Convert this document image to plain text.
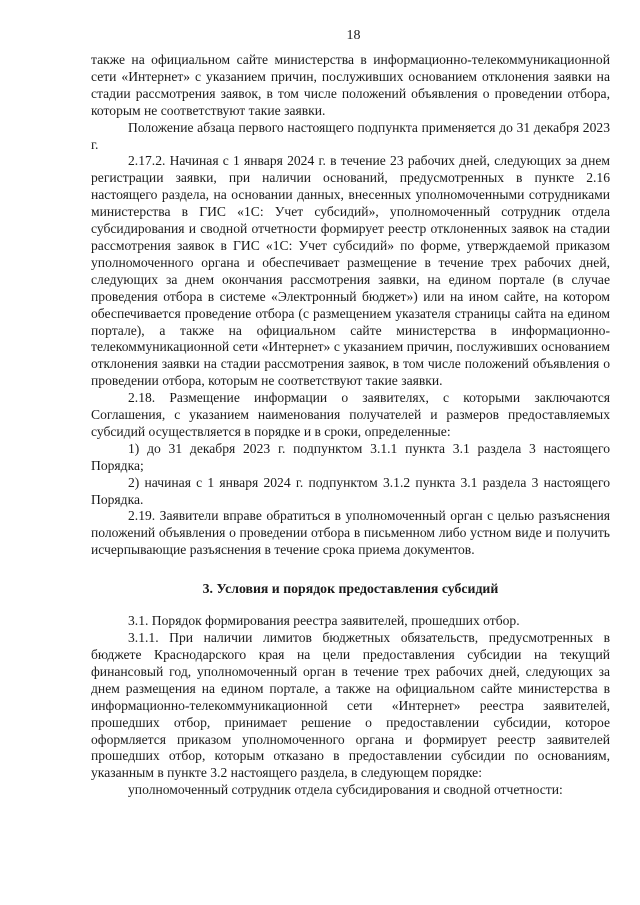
18

также на официальном сайте министерства в информационно-телекоммуникационной сети «Интернет» с указанием причин, послуживших основанием отклонения заявки на стадии рассмотрения заявок, в том числе положений объявления о проведении отбора, которым не соответствуют такие заявки.

Положение абзаца первого настоящего подпункта применяется до 31 декабря 2023 г.

2.17.2. Начиная с 1 января 2024 г. в течение 23 рабочих дней, следующих за днем регистрации заявки, при наличии оснований, предусмотренных в пункте 2.16 настоящего раздела, на основании данных, внесенных уполномоченными сотрудниками министерства в ГИС «1С: Учет субсидий», уполномоченный сотрудник отдела субсидирования и сводной отчетности формирует реестр отклоненных заявок на стадии рассмотрения заявок в ГИС «1С: Учет субсидий» по форме, утверждаемой приказом уполномоченного органа и обеспечивает размещение в течение трех рабочих дней, следующих за днем окончания рассмотрения заявки, на едином портале (в случае проведения отбора в системе «Электронный бюджет») или на ином сайте, на котором обеспечивается проведение отбора (с размещением указателя страницы сайта на едином портале), а также на официальном сайте министерства в информационно-телекоммуникационной сети «Интернет» с указанием причин, послуживших основанием отклонения заявки на стадии рассмотрения заявок, в том числе положений объявления о проведении отбора, которым не соответствуют такие заявки.

2.18. Размещение информации о заявителях, с которыми заключаются Соглашения, с указанием наименования получателей и размеров предоставляемых субсидий осуществляется в порядке и в сроки, определенные:

1) до 31 декабря 2023 г. подпунктом 3.1.1 пункта 3.1 раздела 3 настоящего Порядка;

2) начиная с 1 января 2024 г. подпунктом 3.1.2 пункта 3.1 раздела 3 настоящего Порядка.

2.19. Заявители вправе обратиться в уполномоченный орган с целью разъяснения положений объявления о проведении отбора в письменном либо устном виде и получить исчерпывающие разъяснения в течение срока приема документов.

3. Условия и порядок предоставления субсидий

3.1. Порядок формирования реестра заявителей, прошедших отбор.

3.1.1. При наличии лимитов бюджетных обязательств, предусмотренных в бюджете Краснодарского края на цели предоставления субсидии на текущий финансовый год, уполномоченный орган в течение трех рабочих дней, следующих за днем размещения на едином портале, а также на официальном сайте министерства в информационно-телекоммуникационной сети «Интернет» реестра заявителей, прошедших отбор, принимает решение о предоставлении субсидии, которое оформляется приказом уполномоченного органа и формирует реестр заявителей прошедших отбор, которым отказано в предоставлении субсидии по основаниям, указанным в пункте 3.2 настоящего раздела, в следующем порядке:

уполномоченный сотрудник отдела субсидирования и сводной отчетности:
